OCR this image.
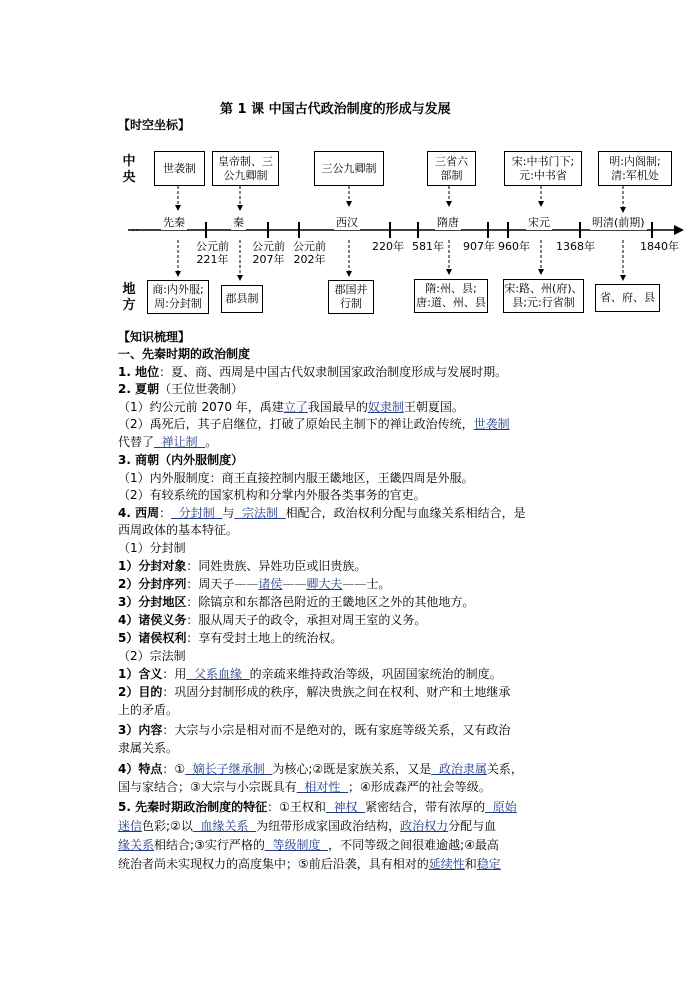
第 1 课 中国古代政治制度的形成与发展
【时空坐标】
中央
地方
世袭制
皇帝制、三
公九卿制
三公九卿制
三省六
部制
宋:中书门下;
元:中书省
明:内阁制;
清:军机处
先秦	秦	西汉	隋唐	宋元	明清(前期)
公元前
221年
公元前
207年
公元前
202年
220年 581年 907年 960年 1368年	1840年
商:内外服;
周:分封制	郡县制
郡国并
行制
隋:州、县;
唐:道、州、县
宋:路、州(府)、
县;元:行省制	省、府、县
【知识梳理】
一、先秦时期的政治制度
1. 地位：夏、商、西周是中国古代奴隶制国家政治制度形成与发展时期。
2. 夏朝（王位世袭制）
（1）约公元前 2070 年，禹建立了我国最早的奴隶制王朝夏国。
（2）禹死后，其子启继位，打破了原始民主制下的禅让政治传统，世袭制
代替了  禅让制  。
3. 商朝（内外服制度）
（1）内外服制度：商王直接控制内服王畿地区，王畿四周是外服。
（2）有较系统的国家机构和分掌内外服各类事务的官吏。
4. 西周：  分封制  与  宗法制  相配合，政治权利分配与血缘关系相结合，是
西周政体的基本特征。
（1）分封制
1）分封对象：同姓贵族、异姓功臣或旧贵族。
2）分封序列：周天子——诸侯——卿大夫——士。
3）分封地区：除镐京和东都洛邑附近的王畿地区之外的其他地方。
4）诸侯义务：服从周天子的政令，承担对周王室的义务。
5）诸侯权利：享有受封土地上的统治权。
（2）宗法制
1）含义：用  父系血缘  的亲疏来维持政治等级，巩固国家统治的制度。
2）目的：巩固分封制形成的秩序，解决贵族之间在权利、财产和土地继承
上的矛盾。
3）内容：大宗与小宗是相对而不是绝对的，既有家庭等级关系，又有政治
隶属关系。
4）特点：①  嫡长子继承制  为核心;②既是家族关系，又是  政治隶属关系，
国与家结合；③大宗与小宗既具有  相对性  ；④形成森严的社会等级。
5. 先秦时期政治制度的特征：①王权和  神权  紧密结合，带有浓厚的  原始
迷信色彩;②以  血缘关系  为纽带形成家国政治结构，政治权力分配与血
缘关系相结合;③实行严格的  等级制度  ，不同等级之间很难逾越;④最高
统治者尚未实现权力的高度集中；⑤前后沿袭，具有相对的延续性和稳定
